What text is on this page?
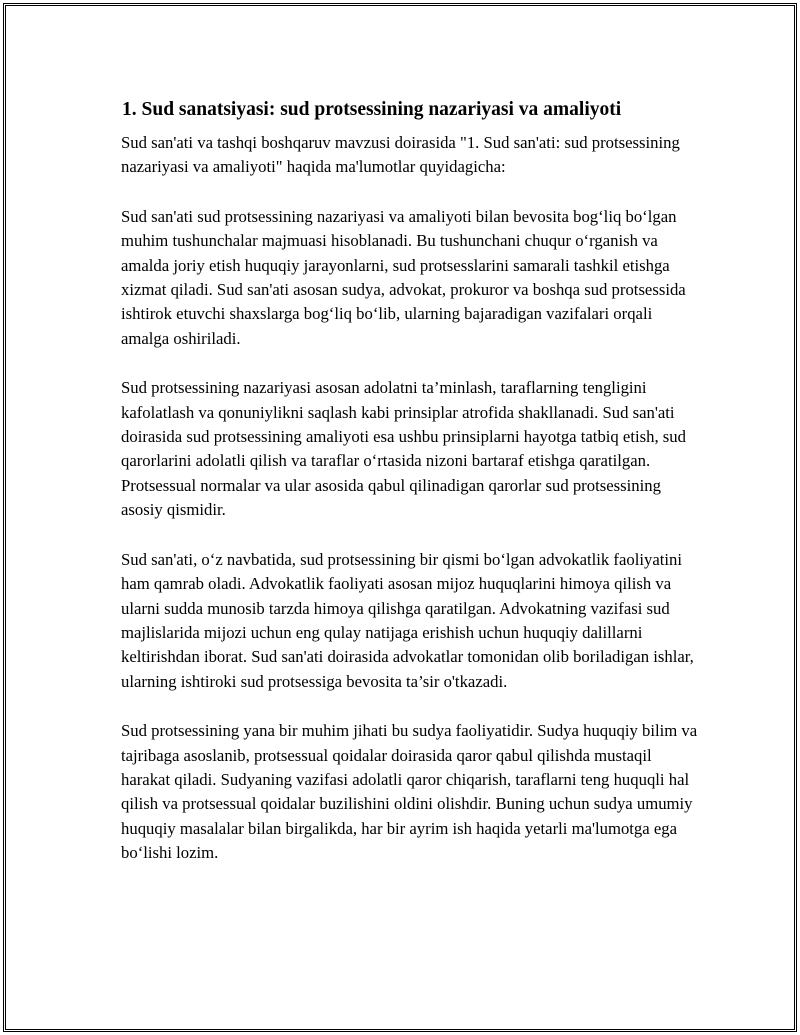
1. Sud sanatsiyasi: sud protsessining nazariyasi va amaliyoti

Sud san'ati va tashqi boshqaruv mavzusi doirasida "1. Sud san'ati: sud protsessining nazariyasi va amaliyoti" haqida ma'lumotlar quyidagicha:

Sud san'ati sud protsessining nazariyasi va amaliyoti bilan bevosita bog‘liq bo‘lgan muhim tushunchalar majmuasi hisoblanadi. Bu tushunchani chuqur o‘rganish va amalda joriy etish huquqiy jarayonlarni, sud protsesslarini samarali tashkil etishga xizmat qiladi. Sud san'ati asosan sudya, advokat, prokuror va boshqa sud protsessida ishtirok etuvchi shaxslarga bog‘liq bo‘lib, ularning bajaradigan vazifalari orqali amalga oshiriladi.

Sud protsessining nazariyasi asosan adolatni ta’minlash, taraflarning tengligini kafolatlash va qonuniylikni saqlash kabi prinsiplar atrofida shakllanadi. Sud san'ati doirasida sud protsessining amaliyoti esa ushbu prinsiplarni hayotga tatbiq etish, sud qarorlarini adolatli qilish va taraflar o‘rtasida nizoni bartaraf etishga qaratilgan. Protsessual normalar va ular asosida qabul qilinadigan qarorlar sud protsessining asosiy qismidir.

Sud san'ati, o‘z navbatida, sud protsessining bir qismi bo‘lgan advokatlik faoliyatini ham qamrab oladi. Advokatlik faoliyati asosan mijoz huquqlarini himoya qilish va ularni sudda munosib tarzda himoya qilishga qaratilgan. Advokatning vazifasi sud majlislarida mijozi uchun eng qulay natijaga erishish uchun huquqiy dalillarni keltirishdan iborat. Sud san'ati doirasida advokatlar tomonidan olib boriladigan ishlar, ularning ishtiroki sud protsessiga bevosita ta’sir o'tkazadi.

Sud protsessining yana bir muhim jihati bu sudya faoliyatidir. Sudya huquqiy bilim va tajribaga asoslanib, protsessual qoidalar doirasida qaror qabul qilishda mustaqil harakat qiladi. Sudyaning vazifasi adolatli qaror chiqarish, taraflarni teng huquqli hal qilish va protsessual qoidalar buzilishini oldini olishdir. Buning uchun sudya umumiy huquqiy masalalar bilan birgalikda, har bir ayrim ish haqida yetarli ma'lumotga ega bo‘lishi lozim.
